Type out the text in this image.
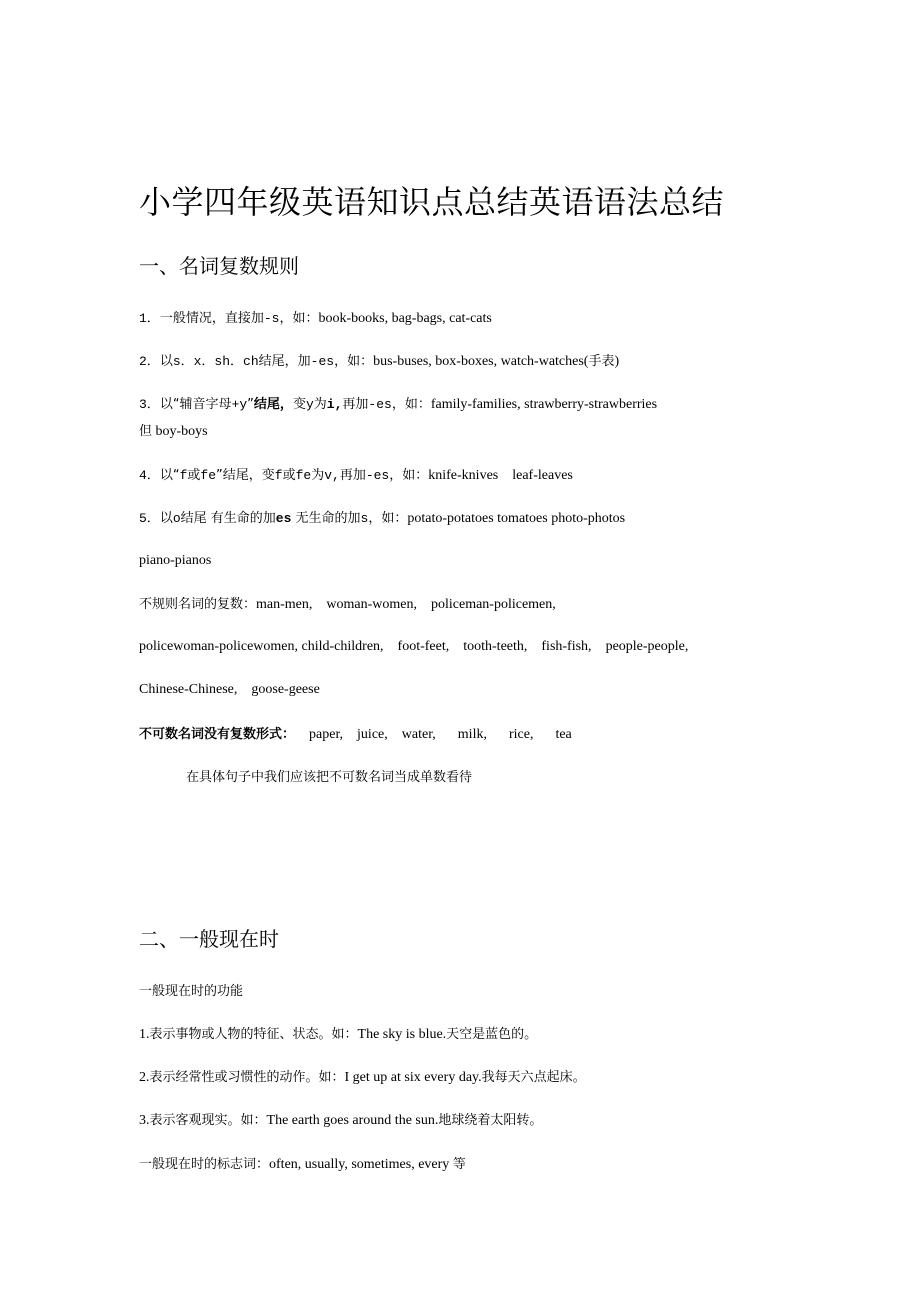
小学四年级英语知识点总结英语语法总结
一、名词复数规则
1．一般情况，直接加-s，如：book-books, bag-bags, cat-cats
2．以s．x．sh．ch结尾，加-es，如：bus-buses, box-boxes, watch-watches(手表)
3．以“辅音字母+y”结尾，变y为i,再加-es，如：family-families, strawberry-strawberries
但 boy-boys
4．以“f或fe”结尾，变f或fe为v,再加-es，如：knife-knives leaf-leaves
5．以o结尾 有生命的加es 无生命的加s，如：potato-potatoes tomatoes photo-photos
piano-pianos
不规则名词的复数：man-men, woman-women, policeman-policemen,
policewoman-policewomen, child-children, foot-feet, tooth-teeth, fish-fish, people-people,
Chinese-Chinese, goose-geese
不可数名词没有复数形式： paper, juice, water, milk, rice, tea
在具体句子中我们应该把不可数名词当成单数看待
二、一般现在时
一般现在时的功能
1.表示事物或人物的特征、状态。如：The sky is blue.天空是蓝色的。
2.表示经常性或习惯性的动作。如：I get up at six every day.我每天六点起床。
3.表示客观现实。如：The earth goes around the sun.地球绕着太阳转。
一般现在时的标志词：often, usually, sometimes, every 等
